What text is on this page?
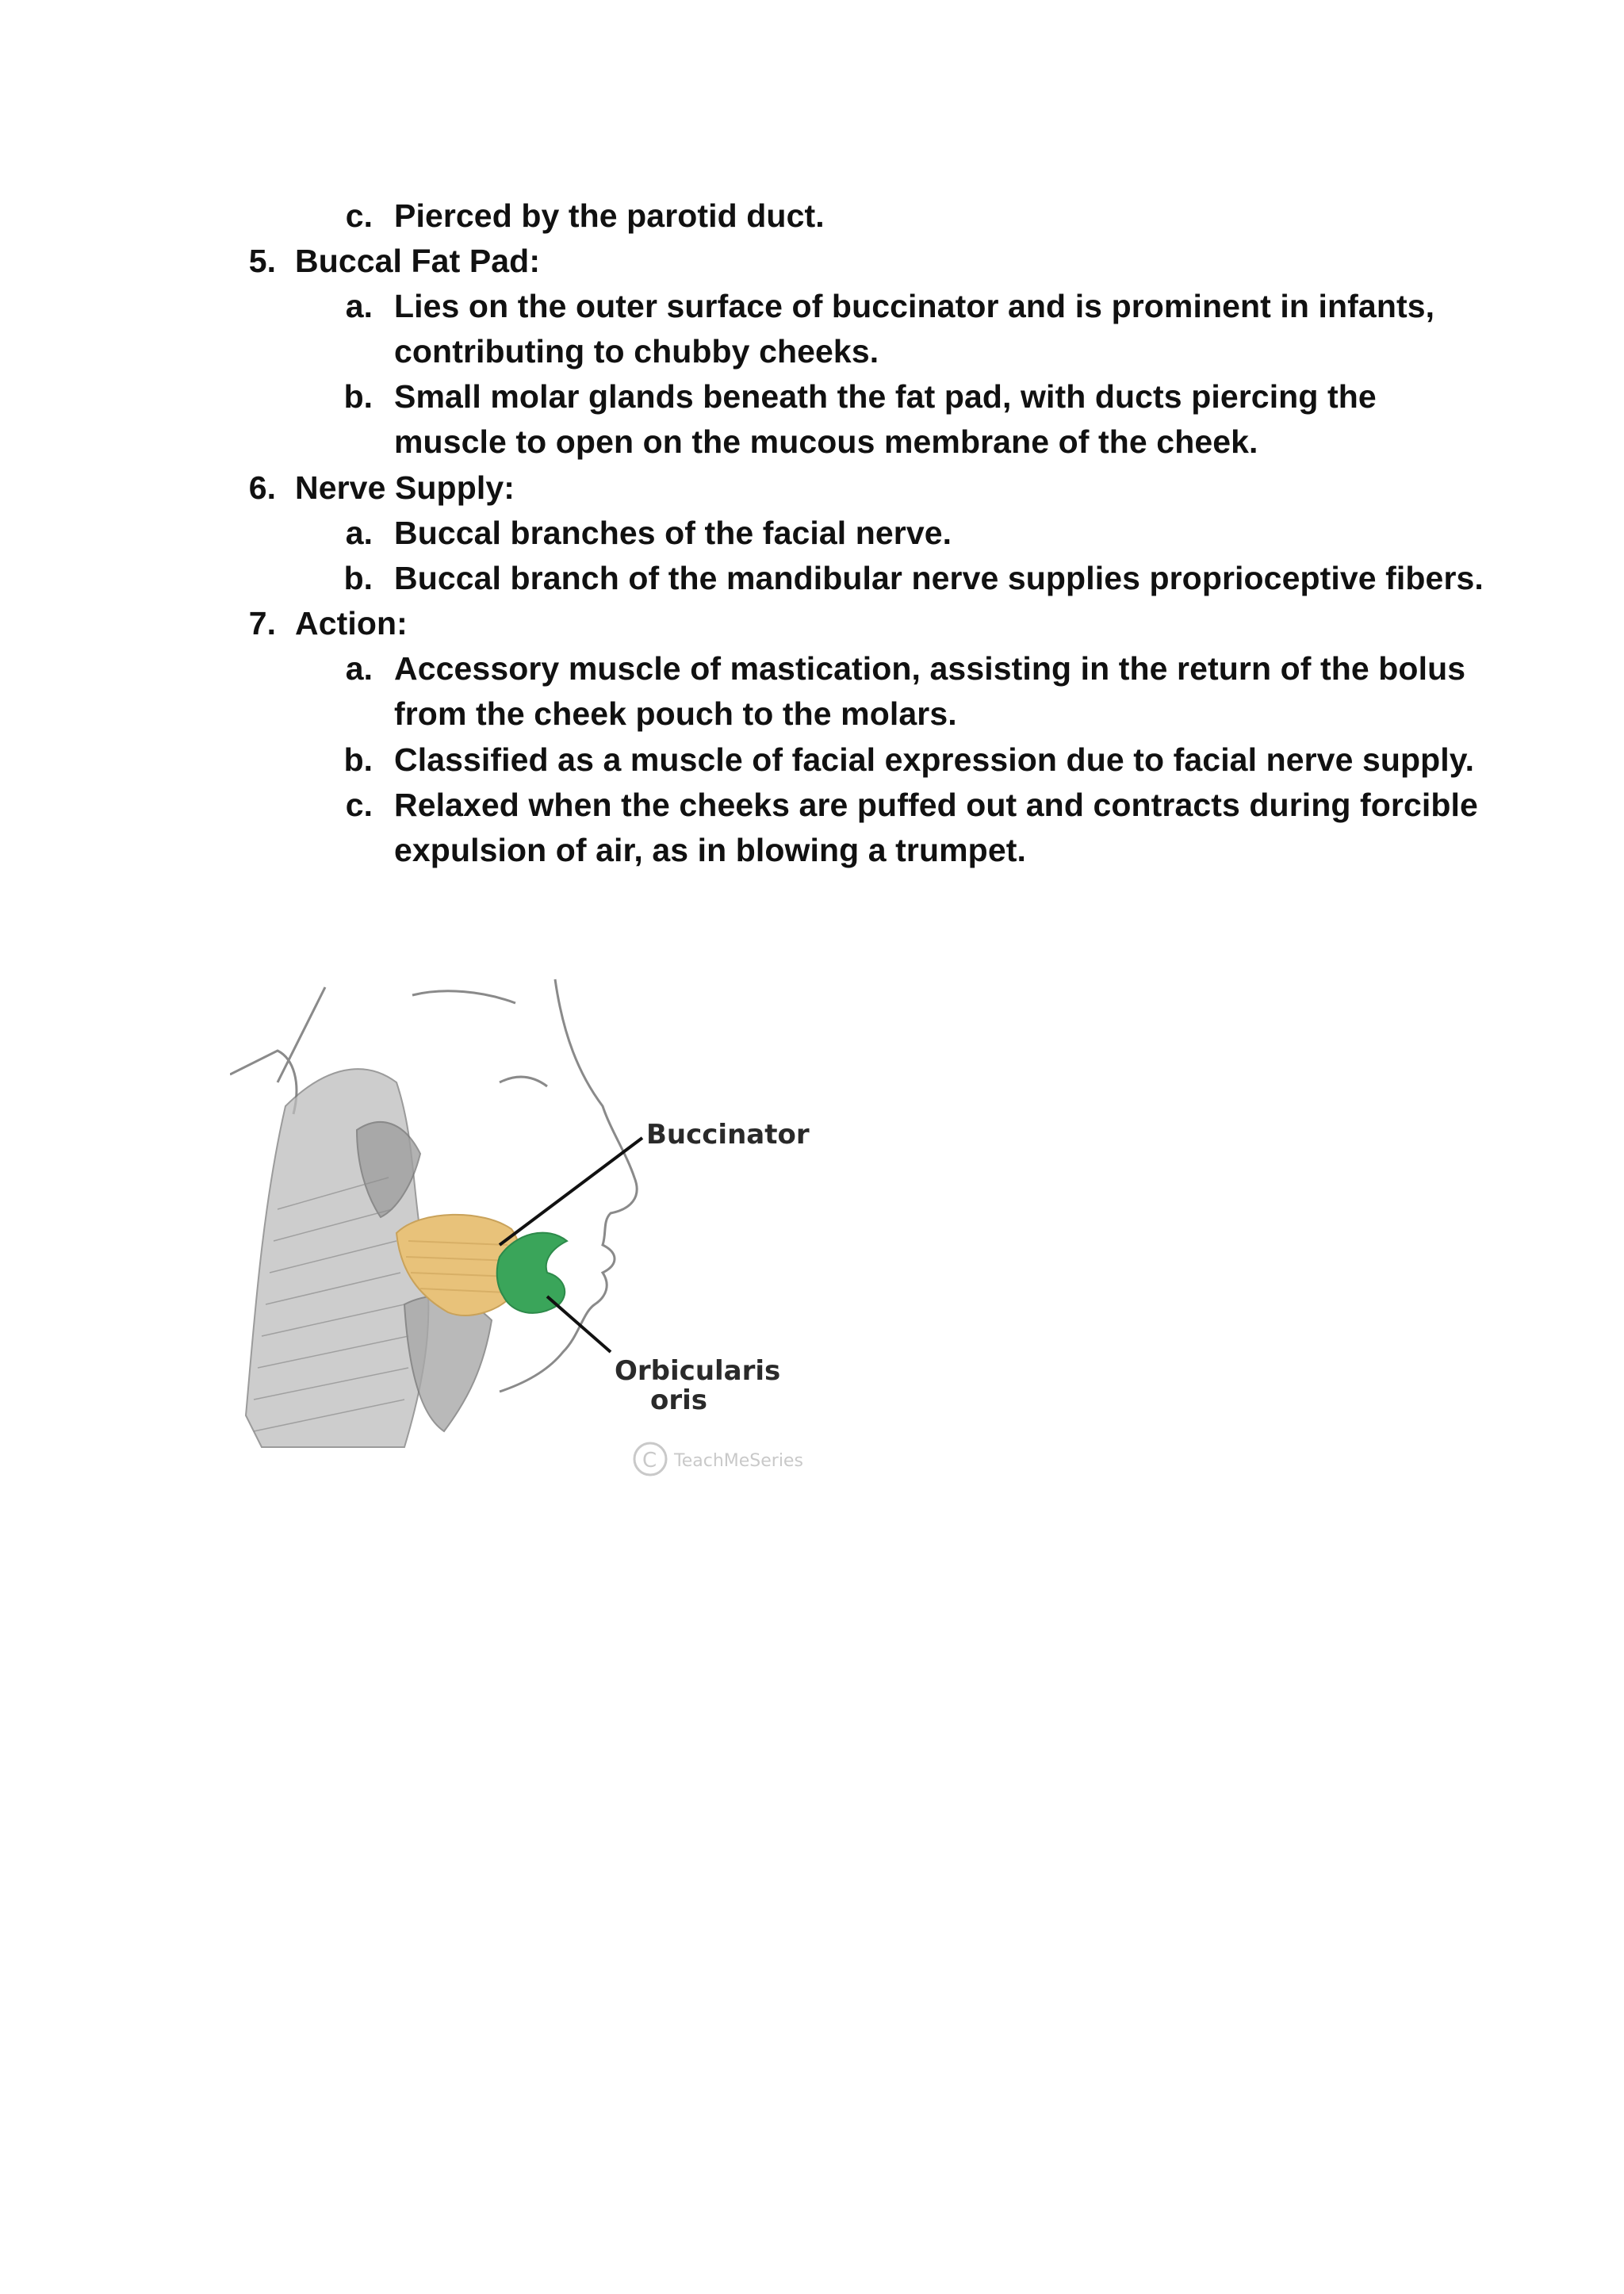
c. Pierced by the parotid duct.
5. Buccal Fat Pad:
a. Lies on the outer surface of buccinator and is prominent in infants,
contributing to chubby cheeks.
b. Small molar glands beneath the fat pad, with ducts piercing the
muscle to open on the mucous membrane of the cheek.
6. Nerve Supply:
a. Buccal branches of the facial nerve.
b. Buccal branch of the mandibular nerve supplies proprioceptive fibers.
7. Action:
a. Accessory muscle of mastication, assisting in the return of the bolus
from the cheek pouch to the molars.
b. Classified as a muscle of facial expression due to facial nerve supply.
c. Relaxed when the cheeks are puffed out and contracts during forcible
expulsion of air, as in blowing a trumpet.
C
Buccinator
Orbicularis
oris
TeachMeSeries
